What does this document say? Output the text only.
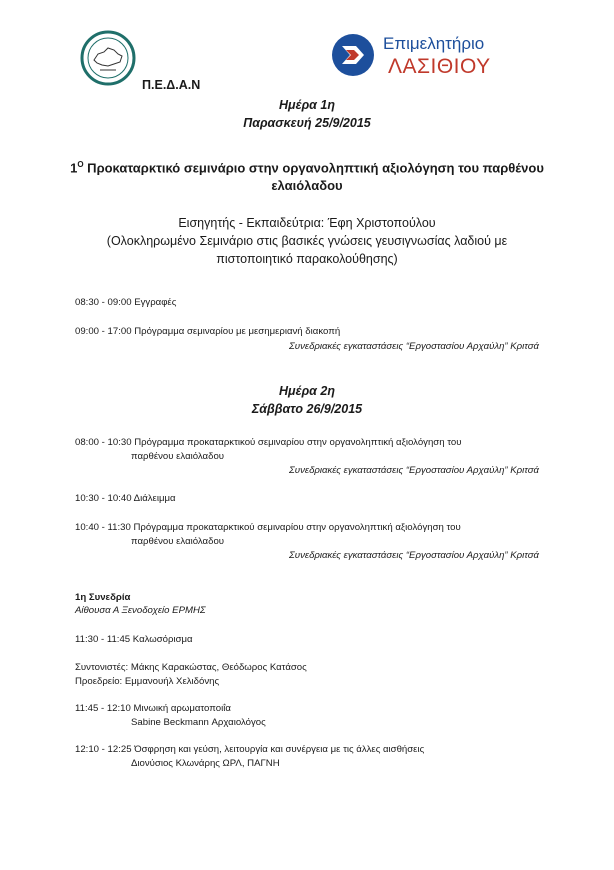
Π.Ε.Δ.Α.Ν
Επιμελητήριο
ΛΑΣΙΘΙΟΥ
Ημέρα 1η
Παρασκευή 25/9/2015
$1^O$ Προκαταρκτικό σεμινάριο στην οργανοληπτική αξιολόγηση του παρθένου
ελαιόλαδου
Εισηγητής - Εκπαιδεύτρια: Έφη Χριστοπούλου
(Ολοκληρωμένο Σεμινάριο στις βασικές γνώσεις γευσιγνωσίας λαδιού με
πιστοποιητικό παρακολούθησης)
08:30 - 09:00 Εγγραφές
09:00 - 17:00 Πρόγραμμα σεμιναρίου με μεσημεριανή διακοπή
Συνεδριακές εγκαταστάσεις “Εργοστασίου Αρχαύλη” Κριτσά
Ημέρα 2η
Σάββατο 26/9/2015
08:00 - 10:30 Πρόγραμμα προκαταρκτικού σεμιναρίου στην οργανοληπτική αξιολόγηση του
παρθένου ελαιόλαδου
Συνεδριακές εγκαταστάσεις “Εργοστασίου Αρχαύλη” Κριτσά
10:30 - 10:40 Διάλειμμα
10:40 - 11:30 Πρόγραμμα προκαταρκτικού σεμιναρίου στην οργανοληπτική αξιολόγηση του
παρθένου ελαιόλαδου
Συνεδριακές εγκαταστάσεις “Εργοστασίου Αρχαύλη” Κριτσά
1η Συνεδρία
Αίθουσα Α Ξενοδοχείο ΕΡΜΗΣ
11:30 - 11:45 Καλωσόρισμα
Συντονιστές: Μάκης Καρακώστας, Θεόδωρος Κατάσος
Προεδρείο: Εμμανουήλ Χελιδόνης
11:45 - 12:10 Μινωική αρωματοποιΐα
Sabine Beckmann Αρχαιολόγος
12:10 - 12:25 Όσφρηση και γεύση, λειτουργία και συνέργεια με τις άλλες αισθήσεις
Διονύσιος Κλωνάρης ΩΡΛ, ΠΑΓΝΗ
